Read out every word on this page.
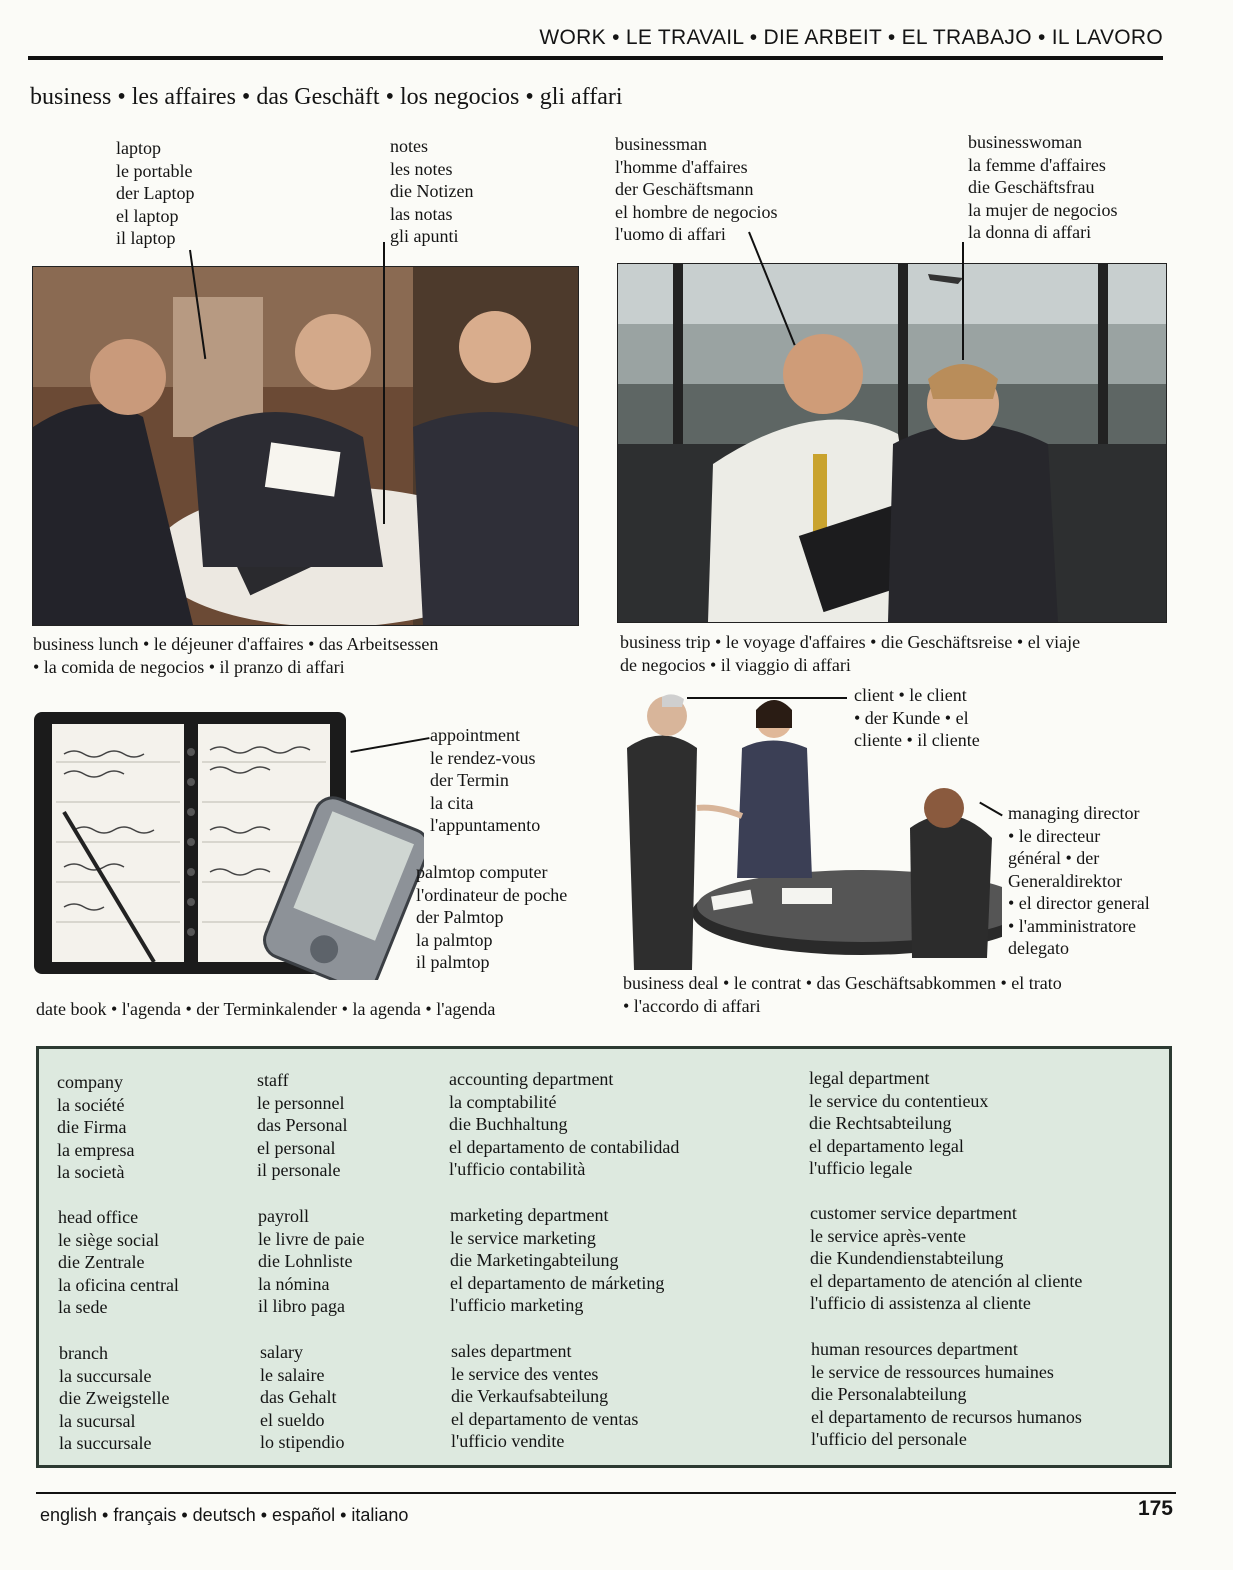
WORK • LE TRAVAIL • DIE ARBEIT • EL TRABAJO • IL LAVORO
business • les affaires • das Geschäft • los negocios • gli affari
laptop
le portable
der Laptop
el laptop
il laptop
notes
les notes
die Notizen
las notas
gli apunti
businessman
l'homme d'affaires
der Geschäftsmann
el hombre de negocios
l'uomo di affari
businesswoman
la femme d'affaires
die Geschäftsfrau
la mujer de negocios
la donna di affari
business lunch • le déjeuner d'affaires • das Arbeitsessen
• la comida de negocios • il pranzo di affari
business trip • le voyage d'affaires • die Geschäftsreise • el viaje
de negocios • il viaggio di affari
appointment
le rendez-vous
der Termin
la cita
l'appuntamento
palmtop computer
l'ordinateur de poche
der Palmtop
la palmtop
il palmtop
date book • l'agenda • der Terminkalender • la agenda • l'agenda
client • le client
• der Kunde • el
cliente • il cliente
managing director
• le directeur
général • der
Generaldirektor
• el director general
• l'amministratore
delegato
business deal • le contrat • das Geschäftsabkommen • el trato
• l'accordo di affari
company
la société
die Firma
la empresa
la società
staff
le personnel
das Personal
el personal
il personale
accounting department
la comptabilité
die Buchhaltung
el departamento de contabilidad
l'ufficio contabilità
legal department
le service du contentieux
die Rechtsabteilung
el departamento legal
l'ufficio legale
head office
le siège social
die Zentrale
la oficina central
la sede
payroll
le livre de paie
die Lohnliste
la nómina
il libro paga
marketing department
le service marketing
die Marketingabteilung
el departamento de márketing
l'ufficio marketing
customer service department
le service après-vente
die Kundendienstabteilung
el departamento de atención al cliente
l'ufficio di assistenza al cliente
branch
la succursale
die Zweigstelle
la sucursal
la succursale
salary
le salaire
das Gehalt
el sueldo
lo stipendio
sales department
le service des ventes
die Verkaufsabteilung
el departamento de ventas
l'ufficio vendite
human resources department
le service de ressources humaines
die Personalabteilung
el departamento de recursos humanos
l'ufficio del personale
english • français • deutsch • español • italiano	175
